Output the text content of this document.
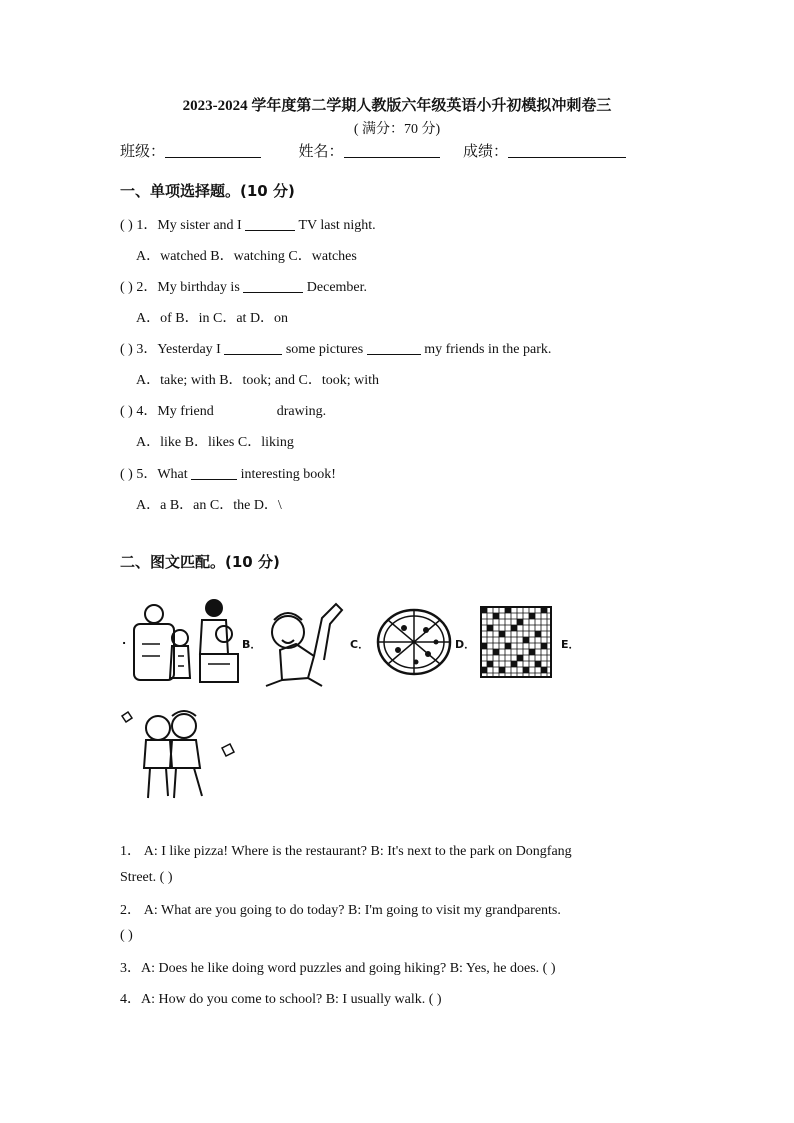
2023-2024 学年度第二学期人教版六年级英语小升初模拟冲刺卷三
( 满分：70 分)
班级：	姓名：	成绩：
一、单项选择题。(10 分)
( ) 1．My sister and I	TV last night.
A．watched B．watching C．watches
( ) 2．My birthday is	December.
A．of B．in C．at D．on
( ) 3．Yesterday I	some pictures	my friends in the park.
A．take; with B．took; and C．took; with
( ) 4．My friend	drawing.
A．like B．likes C．liking
( ) 5．What	interesting book!
A．a B．an C．the D．\
二、图文匹配。(10 分)
.	B．	C．	D．	E．
1． A: I like pizza! Where is the restaurant? B: It's next to the park on Dongfang
Street. ( )
2． A: What are you going to do today? B: I'm going to visit my grandparents.
( )
3．A: Does he like doing word puzzles and going hiking? B: Yes, he does. ( )
4．A: How do you come to school? B: I usually walk. ( )
